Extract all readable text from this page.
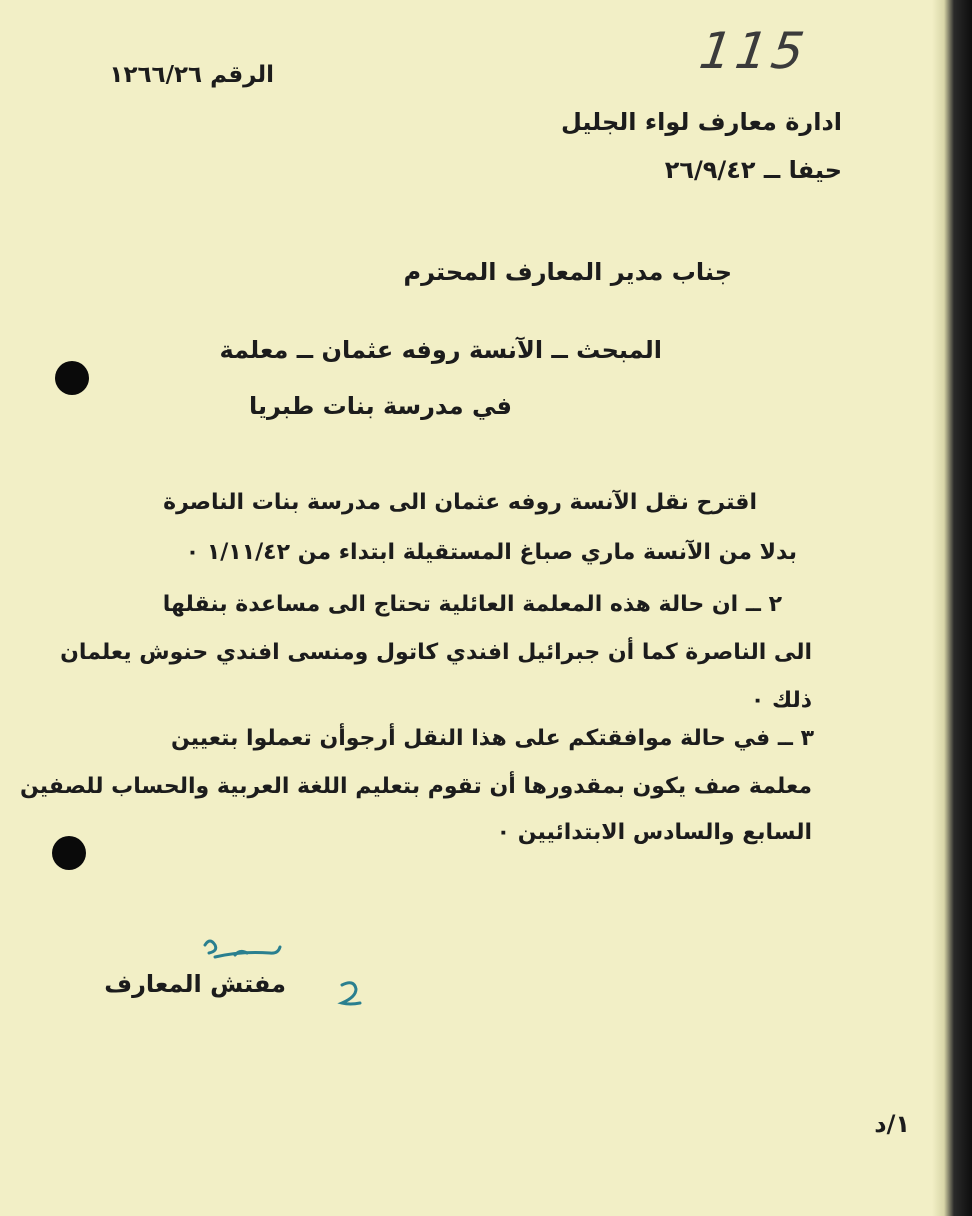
115
الرقم ١٢٦٦/٢٦
ادارة معارف لواء الجليل
حيفا ــ ٢٦/٩/٤٢
جناب مدير المعارف المحترم
المبحث ــ الآنسة روفه عثمان ــ معلمة
في مدرسة بنات طبريا
اقترح نقل الآنسة روفه عثمان الى مدرسة بنات الناصرة
بدلا من الآنسة ماري صباغ المستقيلة ابتداء من ١/١١/٤٢ ٠
٢ ــ ان حالة هذه المعلمة العائلية تحتاج الى مساعدة بنقلها
الى الناصرة كما أن جبرائيل افندي كاتول ومنسى افندي حنوش يعلمان
ذلك ٠
٣ ــ في حالة موافقتكم على هذا النقل أرجوأن تعملوا بتعيين
معلمة صف يكون بمقدورها أن تقوم بتعليم اللغة العربية والحساب للصفين
السابع والسادس الابتدائيين ٠
مفتش المعارف
١/د
